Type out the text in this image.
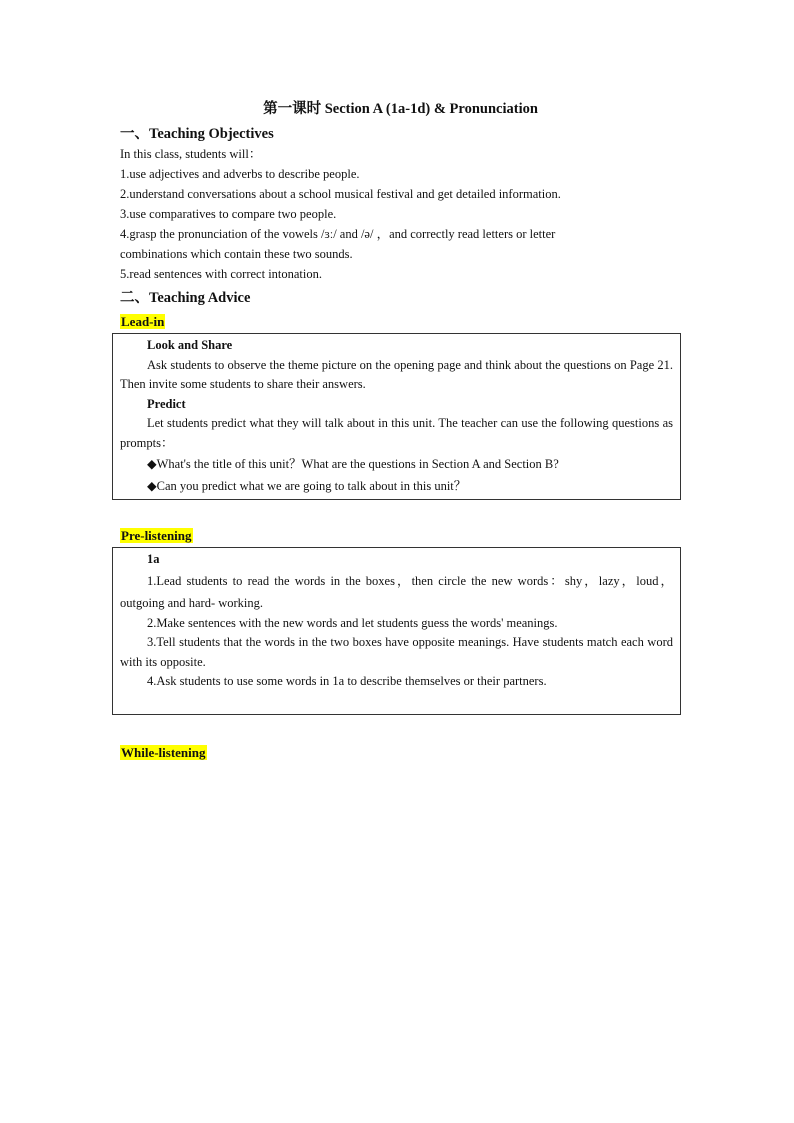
第一课时 Section A (1a-1d) & Pronunciation

一、Teaching Objectives

In this class, students will：

1.use adjectives and adverbs to describe people.

2.understand conversations about a school musical festival and get detailed information.

3.use comparatives to compare two people.

4.grasp the pronunciation of the vowels /ɜː/ and /ə/ ，and correctly read letters or letter

combinations which contain these two sounds.

5.read sentences with correct intonation.

二、Teaching Advice

Lead-in

Look and Share

Ask students to observe the theme picture on the opening page and think about the questions on Page 21. Then invite some students to share their answers.

Predict

Let students predict what they will talk about in this unit. The teacher can use the following questions as prompts：

◆What's the title of this unit？What are the questions in Section A and Section B?

◆Can you predict what we are going to talk about in this unit？

Pre-listening

1a

1.Lead students to read the words in the boxes，then circle the new words：shy，lazy，loud，outgoing and hard- working.

2.Make sentences with the new words and let students guess the words' meanings.

3.Tell students that the words in the two boxes have opposite meanings. Have students match each word with its opposite.

4.Ask students to use some words in 1a to describe themselves or their partners.

While-listening
